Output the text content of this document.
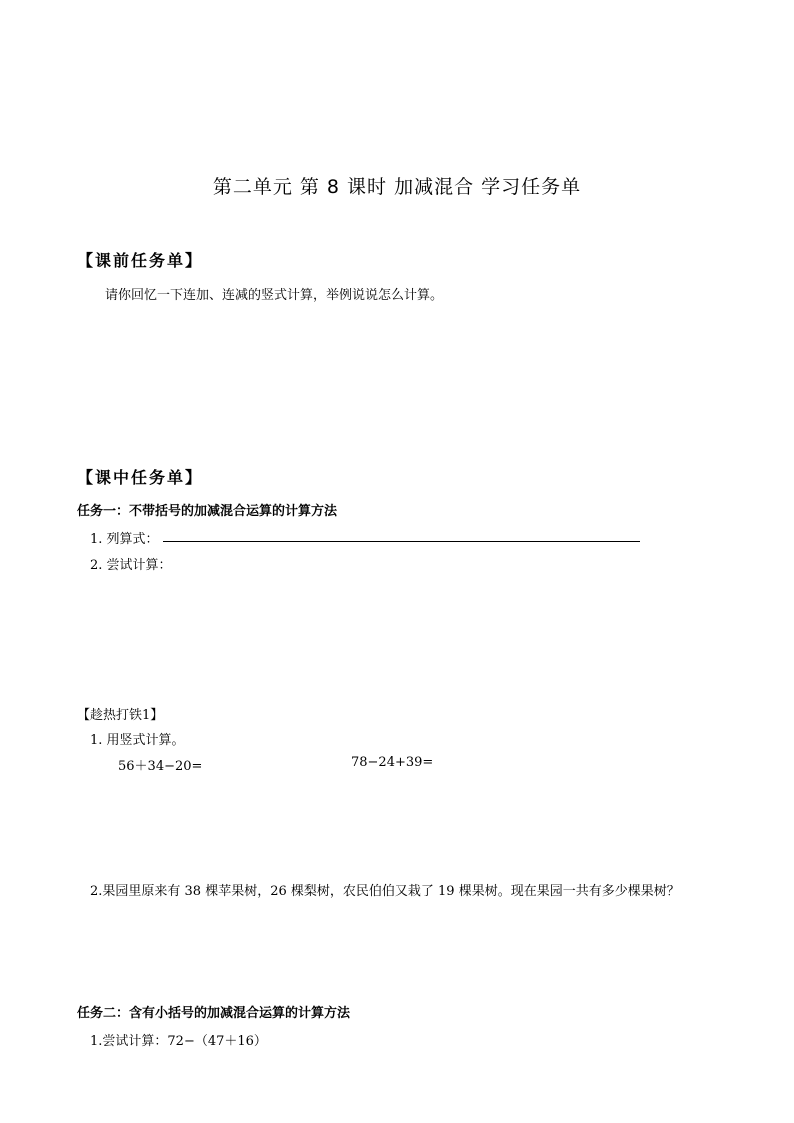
第二单元 第 8 课时 加减混合 学习任务单
【课前任务单】
请你回忆一下连加、连减的竖式计算，举例说说怎么计算。
【课中任务单】
任务一：不带括号的加减混合运算的计算方法
1. 列算式：
2. 尝试计算：
【趁热打铁1】
1. 用竖式计算。
56＋34−20=	78−24+39=
2.果园里原来有 38 棵苹果树，26 棵梨树，农民伯伯又栽了 19 棵果树。现在果园一共有多少棵果树？
任务二：含有小括号的加减混合运算的计算方法
1.尝试计算：72−（47＋16）
